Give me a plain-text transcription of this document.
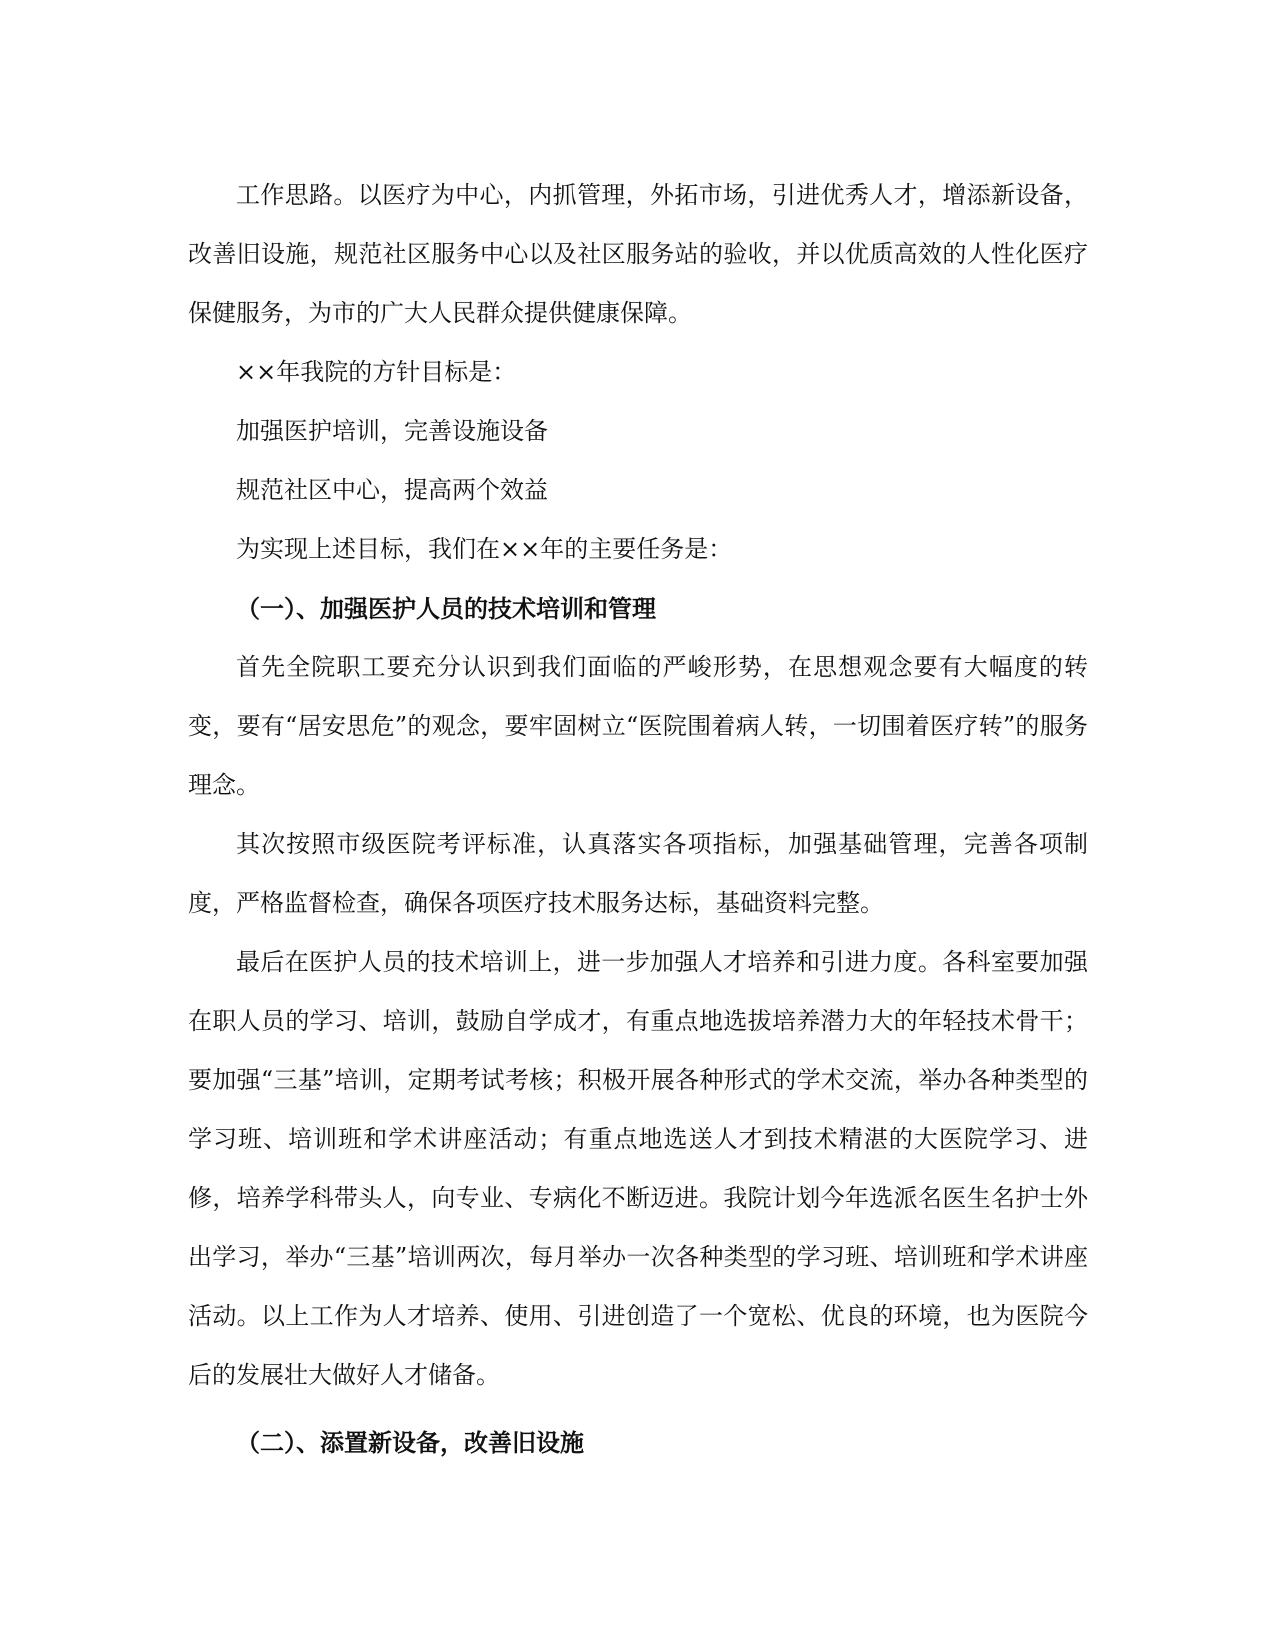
工作思路。以医疗为中心，内抓管理，外拓市场，引进优秀人才，增添新设备，改善旧设施，规范社区服务中心以及社区服务站的验收，并以优质高效的人性化医疗保健服务，为市的广大人民群众提供健康保障。

××年我院的方针目标是：

加强医护培训，完善设施设备

规范社区中心，提高两个效益

为实现上述目标，我们在××年的主要任务是：

（一）、加强医护人员的技术培训和管理

首先全院职工要充分认识到我们面临的严峻形势，在思想观念要有大幅度的转变，要有“居安思危”的观念，要牢固树立“医院围着病人转，一切围着医疗转”的服务理念。

其次按照市级医院考评标准，认真落实各项指标，加强基础管理，完善各项制度，严格监督检查，确保各项医疗技术服务达标，基础资料完整。

最后在医护人员的技术培训上，进一步加强人才培养和引进力度。各科室要加强在职人员的学习、培训，鼓励自学成才，有重点地选拔培养潜力大的年轻技术骨干；要加强“三基”培训，定期考试考核；积极开展各种形式的学术交流，举办各种类型的学习班、培训班和学术讲座活动；有重点地选送人才到技术精湛的大医院学习、进修，培养学科带头人，向专业、专病化不断迈进。我院计划今年选派名医生名护士外出学习，举办“三基”培训两次，每月举办一次各种类型的学习班、培训班和学术讲座活动。以上工作为人才培养、使用、引进创造了一个宽松、优良的环境，也为医院今后的发展壮大做好人才储备。

（二）、添置新设备，改善旧设施
